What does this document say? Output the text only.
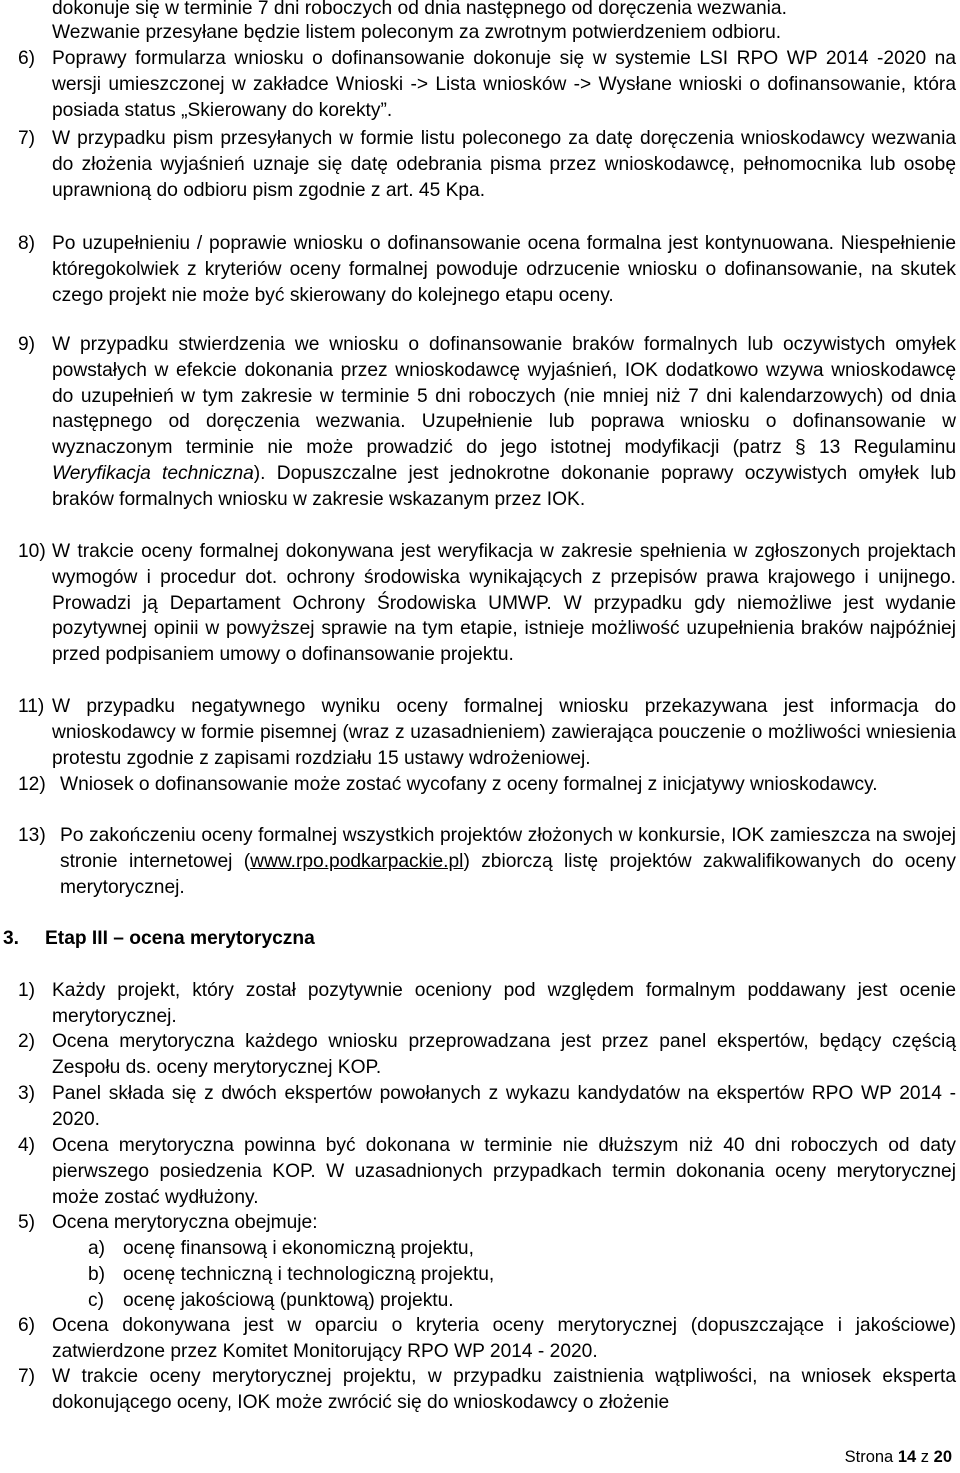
dokonuje się w terminie 7 dni roboczych od dnia następnego od doręczenia wezwania.

Wezwanie przesyłane będzie listem poleconym za zwrotnym potwierdzeniem odbioru.

6) Poprawy formularza wniosku o dofinansowanie dokonuje się w systemie LSI RPO WP 2014 -2020 na wersji umieszczonej w zakładce Wnioski -> Lista wniosków -> Wysłane wnioski o dofinansowanie, która posiada status „Skierowany do korekty”.

7) W przypadku pism przesyłanych w formie listu poleconego za datę doręczenia wnioskodawcy wezwania do złożenia wyjaśnień uznaje się datę odebrania pisma przez wnioskodawcę, pełnomocnika lub osobę uprawnioną do odbioru pism zgodnie z art. 45 Kpa.

8) Po uzupełnieniu / poprawie wniosku o dofinansowanie ocena formalna jest kontynuowana. Niespełnienie któregokolwiek z kryteriów oceny formalnej powoduje odrzucenie wniosku o dofinansowanie, na skutek czego projekt nie może być skierowany do kolejnego etapu oceny.

9) W przypadku stwierdzenia we wniosku o dofinansowanie braków formalnych lub oczywistych omyłek powstałych w efekcie dokonania przez wnioskodawcę wyjaśnień, IOK dodatkowo wzywa wnioskodawcę do uzupełnień w tym zakresie w terminie 5 dni roboczych (nie mniej niż 7 dni kalendarzowych) od dnia następnego od doręczenia wezwania. Uzupełnienie lub poprawa wniosku o dofinansowanie w wyznaczonym terminie nie może prowadzić do jego istotnej modyfikacji (patrz § 13 Regulaminu Weryfikacja techniczna). Dopuszczalne jest jednokrotne dokonanie poprawy oczywistych omyłek lub braków formalnych wniosku w zakresie wskazanym przez IOK.

10) W trakcie oceny formalnej dokonywana jest weryfikacja w zakresie spełnienia w zgłoszonych projektach wymogów i procedur dot. ochrony środowiska wynikających z przepisów prawa krajowego i unijnego. Prowadzi ją Departament Ochrony Środowiska UMWP. W przypadku gdy niemożliwe jest wydanie pozytywnej opinii w powyższej sprawie na tym etapie, istnieje możliwość uzupełnienia braków najpóźniej przed podpisaniem umowy o dofinansowanie projektu.

11) W przypadku negatywnego wyniku oceny formalnej wniosku przekazywana jest informacja do wnioskodawcy w formie pisemnej (wraz z uzasadnieniem) zawierająca pouczenie o możliwości wniesienia protestu zgodnie z zapisami rozdziału 15 ustawy wdrożeniowej.

12) Wniosek o dofinansowanie może zostać wycofany z oceny formalnej z inicjatywy wnioskodawcy.

13) Po zakończeniu oceny formalnej wszystkich projektów złożonych w konkursie, IOK zamieszcza na swojej stronie internetowej (www.rpo.podkarpackie.pl) zbiorczą listę projektów zakwalifikowanych do oceny merytorycznej.

3. Etap III – ocena merytoryczna

1) Każdy projekt, który został pozytywnie oceniony pod względem formalnym poddawany jest ocenie merytorycznej.

2) Ocena merytoryczna każdego wniosku przeprowadzana jest przez panel ekspertów, będący częścią Zespołu ds. oceny merytorycznej KOP.

3) Panel składa się z dwóch ekspertów powołanych z wykazu kandydatów na ekspertów RPO WP 2014 - 2020.

4) Ocena merytoryczna powinna być dokonana w terminie nie dłuższym niż 40 dni roboczych od daty pierwszego posiedzenia KOP. W uzasadnionych przypadkach termin dokonania oceny merytorycznej może zostać wydłużony.

5) Ocena merytoryczna obejmuje:

a) ocenę finansową i ekonomiczną projektu,
b) ocenę techniczną i technologiczną projektu,
c) ocenę jakościową (punktową) projektu.
6) Ocena dokonywana jest w oparciu o kryteria oceny merytorycznej (dopuszczające i jakościowe) zatwierdzone przez Komitet Monitorujący RPO WP 2014 - 2020.

7) W trakcie oceny merytorycznej projektu, w przypadku zaistnienia wątpliwości, na wniosek eksperta dokonującego oceny, IOK może zwrócić się do wnioskodawcy o złożenie

Strona 14 z 20
